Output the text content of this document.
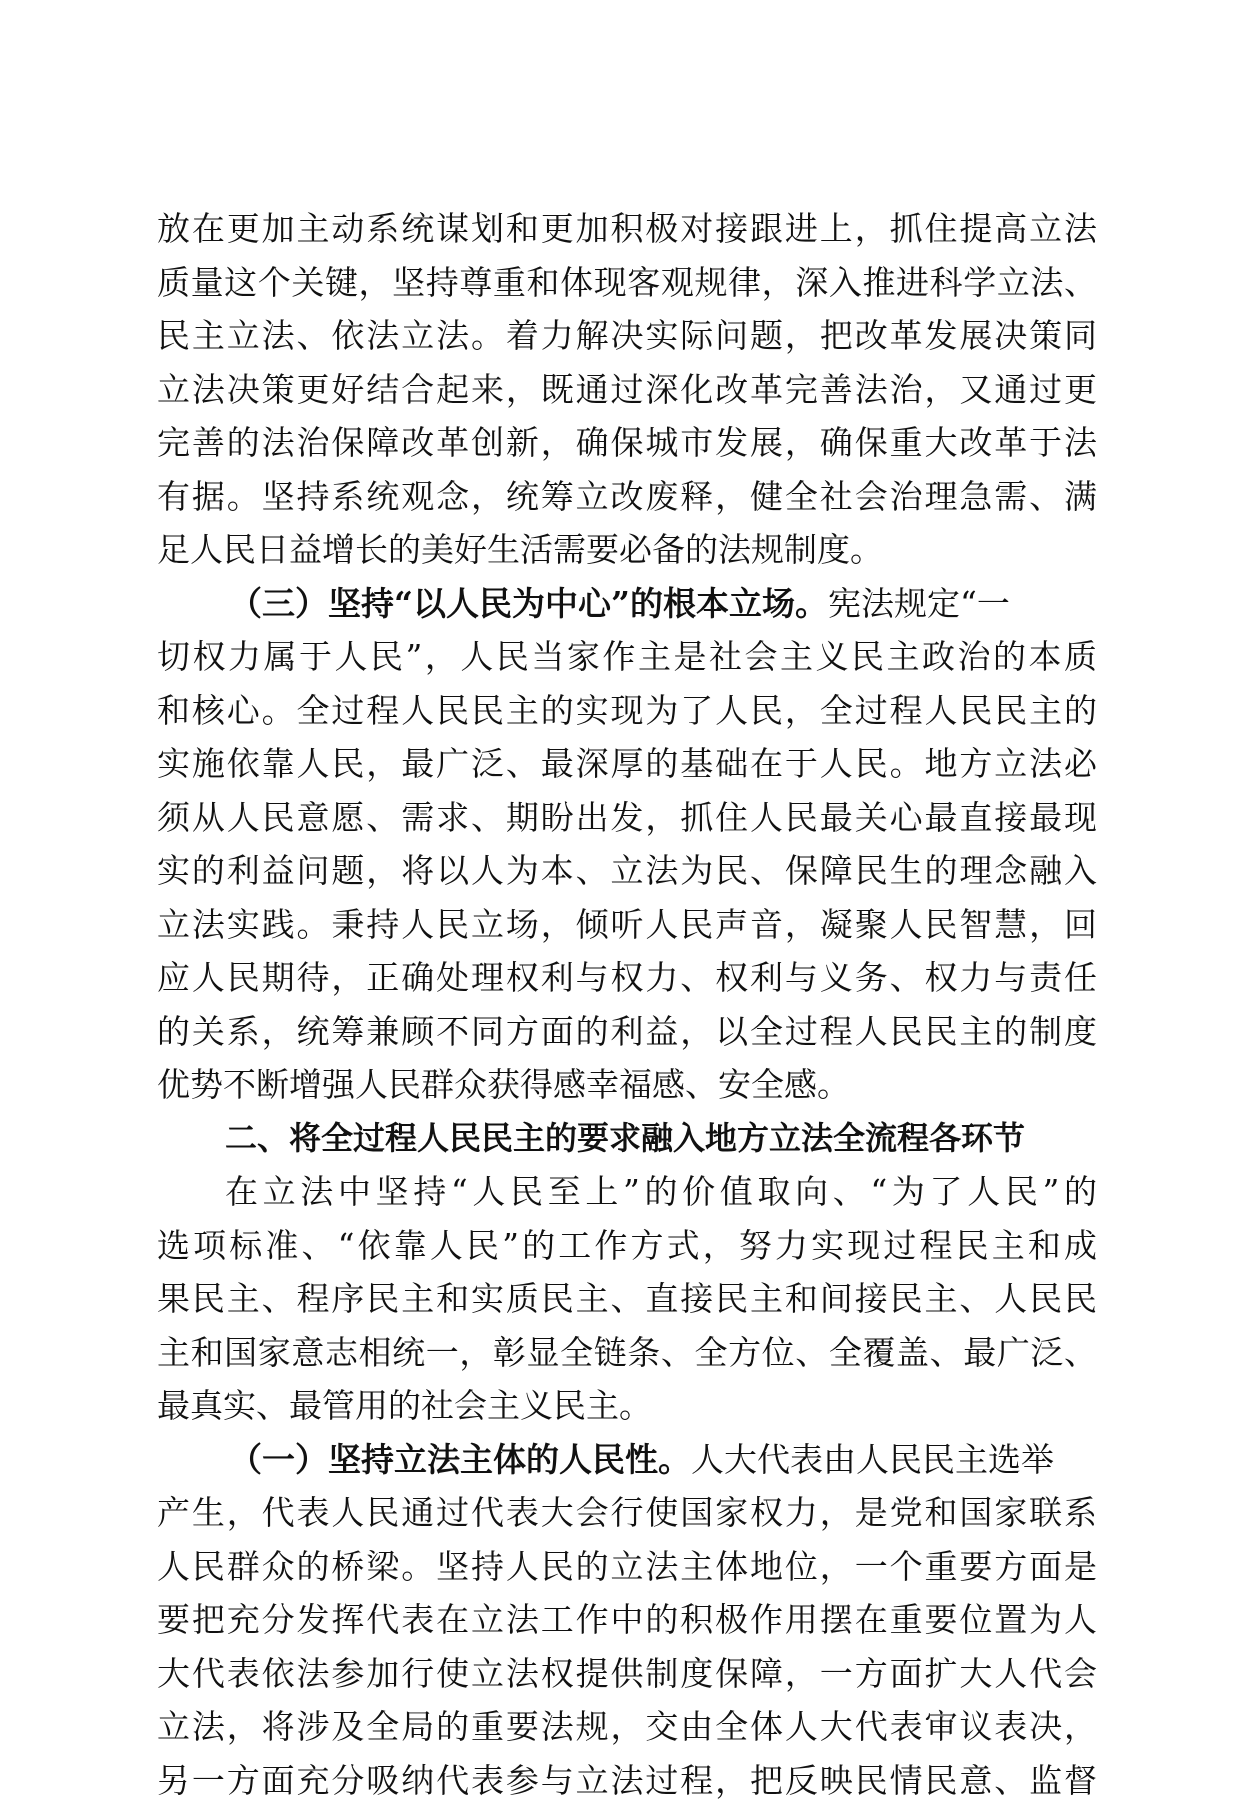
放在更加主动系统谋划和更加积极对接跟进上，抓住提高立法
质量这个关键，坚持尊重和体现客观规律，深入推进科学立法、
民主立法、依法立法。着力解决实际问题，把改革发展决策同
立法决策更好结合起来，既通过深化改革完善法治，又通过更
完善的法治保障改革创新，确保城市发展，确保重大改革于法
有据。坚持系统观念，统筹立改废释，健全社会治理急需、满
足人民日益增长的美好生活需要必备的法规制度。
（三）坚持“以人民为中心”的根本立场。宪法规定“一
切权力属于人民”，人民当家作主是社会主义民主政治的本质
和核心。全过程人民民主的实现为了人民，全过程人民民主的
实施依靠人民，最广泛、最深厚的基础在于人民。地方立法必
须从人民意愿、需求、期盼出发，抓住人民最关心最直接最现
实的利益问题，将以人为本、立法为民、保障民生的理念融入
立法实践。秉持人民立场，倾听人民声音，凝聚人民智慧，回
应人民期待，正确处理权利与权力、权利与义务、权力与责任
的关系，统筹兼顾不同方面的利益，以全过程人民民主的制度
优势不断增强人民群众获得感幸福感、安全感。
二、将全过程人民民主的要求融入地方立法全流程各环节
在立法中坚持“人民至上”的价值取向、“为了人民”的
选项标准、“依靠人民”的工作方式，努力实现过程民主和成
果民主、程序民主和实质民主、直接民主和间接民主、人民民
主和国家意志相统一，彰显全链条、全方位、全覆盖、最广泛、
最真实、最管用的社会主义民主。
（一）坚持立法主体的人民性。人大代表由人民民主选举
产生，代表人民通过代表大会行使国家权力，是党和国家联系
人民群众的桥梁。坚持人民的立法主体地位，一个重要方面是
要把充分发挥代表在立法工作中的积极作用摆在重要位置为人
大代表依法参加行使立法权提供制度保障，一方面扩大人代会
立法，将涉及全局的重要法规，交由全体人大代表审议表决，
另一方面充分吸纳代表参与立法过程，把反映民情民意、监督
